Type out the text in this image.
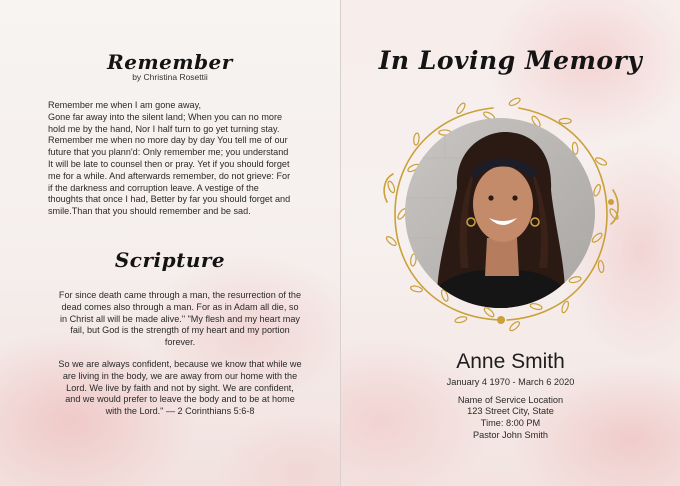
Remember
by Christina Rosettii
Remember me when I am gone away,
Gone far away into the silent land; When you can no more
hold me by the hand, Nor I half turn to go yet turning stay.
Remember me when no more day by day You tell me of our
future that you plann'd: Only remember me; you understand
It will be late to counsel then or pray. Yet if you should forget
me for a while. And afterwards remember, do not grieve: For
if the darkness and corruption leave. A vestige of the
thoughts that once I had, Better by far you should forget and
smile.Than that you should remember and be sad.
Scripture
For since death came through a man, the resurrection of the
dead comes also through a man. For as in Adam all die, so
in Christ all will be made alive." "My flesh and my heart may
fail, but God is the strength of my heart and my portion
forever.
So we are always confident, because we know that while we
are living in the body, we are away from our home with the
Lord. We live by faith and not by sight. We are confident,
and we would prefer to leave the body and to be at home
with the Lord." — 2 Corinthians 5:6-8
In Loving Memory
Anne Smith
January 4 1970 - March 6 2020
Name of Service Location
123 Street City, State
Time: 8:00 PM
Pastor John Smith
